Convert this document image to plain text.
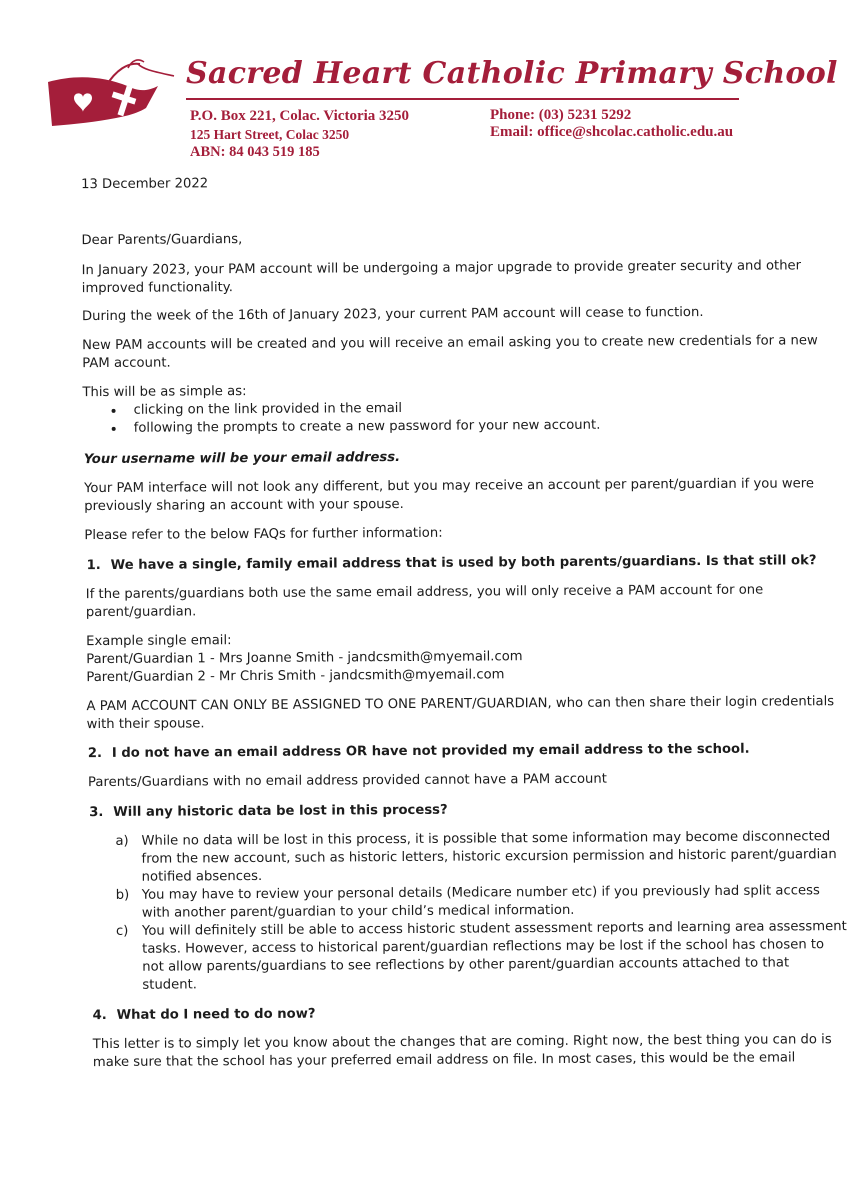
Sacred Heart Catholic Primary School
P.O. Box 221, Colac. Victoria 3250
125 Hart Street, Colac 3250
ABN: 84 043 519 185
Phone: (03) 5231 5292
Email: office@shcolac.catholic.edu.au
13 December 2022
Dear Parents/Guardians,
In January 2023, your PAM account will be undergoing a major upgrade to provide greater security and other
improved functionality.
During the week of the 16th of January 2023, your current PAM account will cease to function.
New PAM accounts will be created and you will receive an email asking you to create new credentials for a new
PAM account.
This will be as simple as:
clicking on the link provided in the email
following the prompts to create a new password for your new account.
Your username will be your email address.
Your PAM interface will not look any different, but you may receive an account per parent/guardian if you were
previously sharing an account with your spouse.
Please refer to the below FAQs for further information:
1. We have a single, family email address that is used by both parents/guardians. Is that still ok?
If the parents/guardians both use the same email address, you will only receive a PAM account for one
parent/guardian.
Example single email:
Parent/Guardian 1 - Mrs Joanne Smith - jandcsmith@myemail.com
Parent/Guardian 2 - Mr Chris Smith - jandcsmith@myemail.com
A PAM ACCOUNT CAN ONLY BE ASSIGNED TO ONE PARENT/GUARDIAN, who can then share their login credentials
with their spouse.
2. I do not have an email address OR have not provided my email address to the school.
Parents/Guardians with no email address provided cannot have a PAM account
3. Will any historic data be lost in this process?
a) While no data will be lost in this process, it is possible that some information may become disconnected
from the new account, such as historic letters, historic excursion permission and historic parent/guardian
notified absences.
b) You may have to review your personal details (Medicare number etc) if you previously had split access
with another parent/guardian to your child’s medical information.
c) You will definitely still be able to access historic student assessment reports and learning area assessment
tasks. However, access to historical parent/guardian reflections may be lost if the school has chosen to
not allow parents/guardians to see reflections by other parent/guardian accounts attached to that
student.
4. What do I need to do now?
This letter is to simply let you know about the changes that are coming. Right now, the best thing you can do is
make sure that the school has your preferred email address on file. In most cases, this would be the email
